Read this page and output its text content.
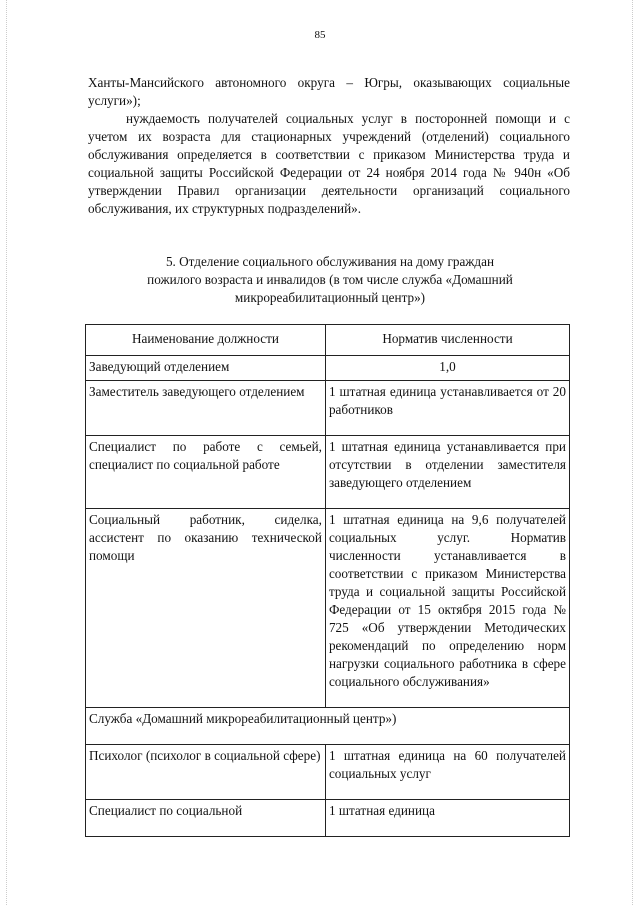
85

Ханты-Мансийского автономного округа – Югры, оказывающих социальные услуги»);

нуждаемость получателей социальных услуг в посторонней помощи и с учетом их возраста для стационарных учреждений (отделений) социального обслуживания определяется в соответствии с приказом Министерства труда и социальной защиты Российской Федерации от 24 ноября 2014 года № 940н «Об утверждении Правил организации деятельности организаций социального обслуживания, их структурных подразделений».

5. Отделение социального обслуживания на дому граждан
пожилого возраста и инвалидов (в том числе служба «Домашний
микрореабилитационный центр»)
Наименование должности	Норматив численности
Заведующий отделением	1,0
Заместитель заведующего отделением	1 штатная единица устанавливается от 20 работников
Специалист по работе с семьей, специалист по социальной работе	1 штатная единица устанавливается при отсутствии в отделении заместителя заведующего отделением
Социальный работник, сиделка, ассистент по оказанию технической помощи	1 штатная единица на 9,6 получателей социальных услуг. Норматив численности устанавливается в соответствии с приказом Министерства труда и социальной защиты Российской Федерации от 15 октября 2015 года № 725 «Об утверждении Методических рекомендаций по определению норм нагрузки социального работника в сфере социального обслуживания»
Служба «Домашний микрореабилитационный центр»)	
Психолог (психолог в социальной сфере)	1 штатная единица на 60 получателей социальных услуг
Специалист по социальной	1 штатная единица
